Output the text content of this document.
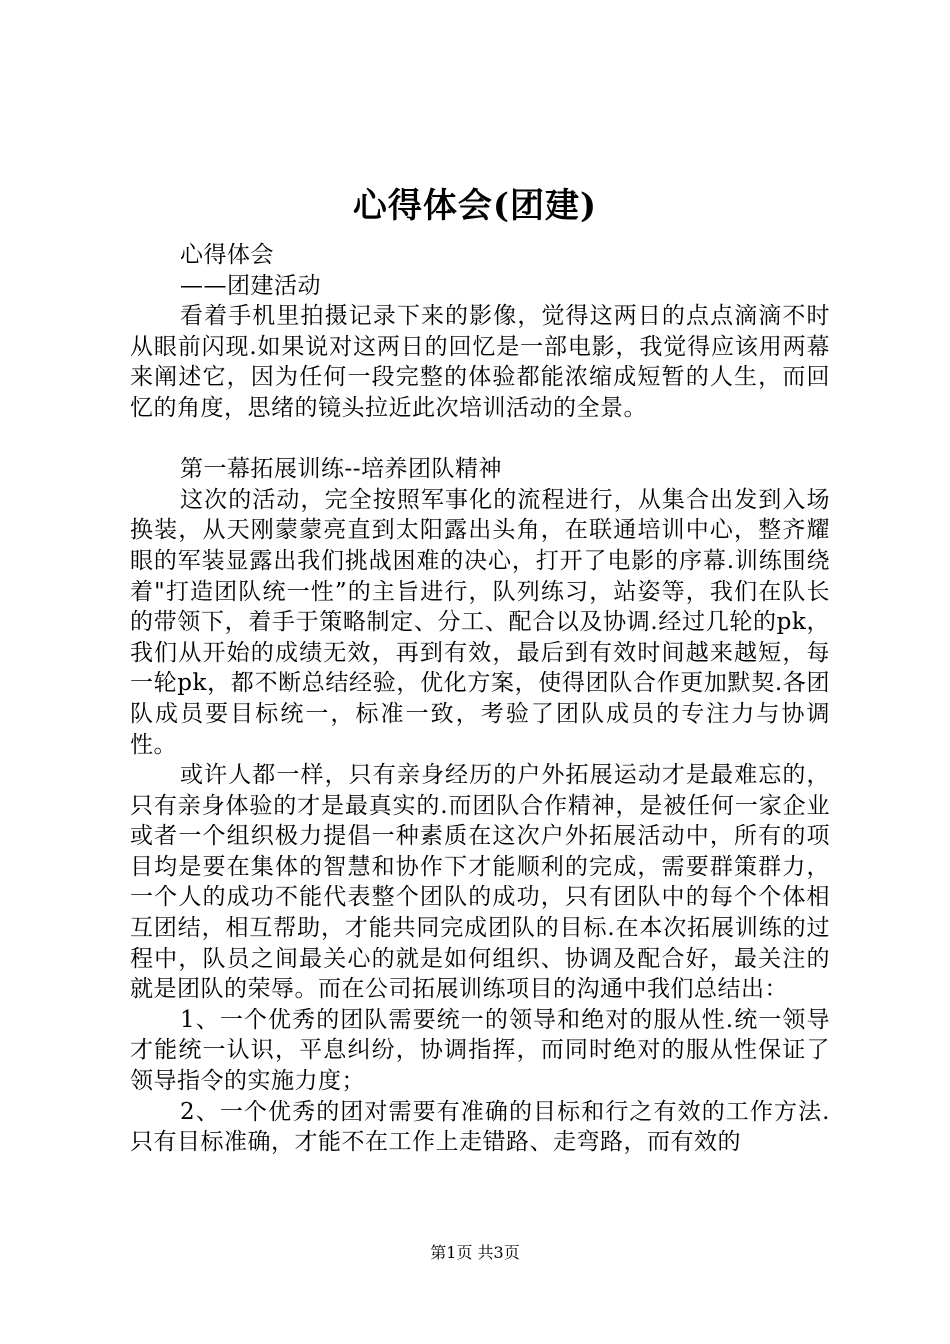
心得体会(团建)

心得体会

——团建活动

看着手机里拍摄记录下来的影像，觉得这两日的点点滴滴不时从眼前闪现.如果说对这两日的回忆是一部电影，我觉得应该用两幕来阐述它，因为任何一段完整的体验都能浓缩成短暂的人生，而回忆的角度，思绪的镜头拉近此次培训活动的全景。

第一幕拓展训练--培养团队精神

这次的活动，完全按照军事化的流程进行，从集合出发到入场换装，从天刚蒙蒙亮直到太阳露出头角，在联通培训中心，整齐耀眼的军装显露出我们挑战困难的决心，打开了电影的序幕.训练围绕着"打造团队统一性”的主旨进行，队列练习，站姿等，我们在队长的带领下，着手于策略制定、分工、配合以及协调.经过几轮的pk，我们从开始的成绩无效，再到有效，最后到有效时间越来越短，每一轮pk，都不断总结经验，优化方案，使得团队合作更加默契.各团队成员要目标统一，标准一致，考验了团队成员的专注力与协调性。

或许人都一样，只有亲身经历的户外拓展运动才是最难忘的，只有亲身体验的才是最真实的.而团队合作精神，是被任何一家企业或者一个组织极力提倡一种素质在这次户外拓展活动中，所有的项目均是要在集体的智慧和协作下才能顺利的完成，需要群策群力，一个人的成功不能代表整个团队的成功，只有团队中的每个个体相互团结，相互帮助，才能共同完成团队的目标.在本次拓展训练的过程中，队员之间最关心的就是如何组织、协调及配合好，最关注的就是团队的荣辱。而在公司拓展训练项目的沟通中我们总结出：

1、一个优秀的团队需要统一的领导和绝对的服从性.统一领导才能统一认识，平息纠纷，协调指挥，而同时绝对的服从性保证了领导指令的实施力度；

2、一个优秀的团对需要有准确的目标和行之有效的工作方法.只有目标准确，才能不在工作上走错路、走弯路，而有效的

第1页 共3页
